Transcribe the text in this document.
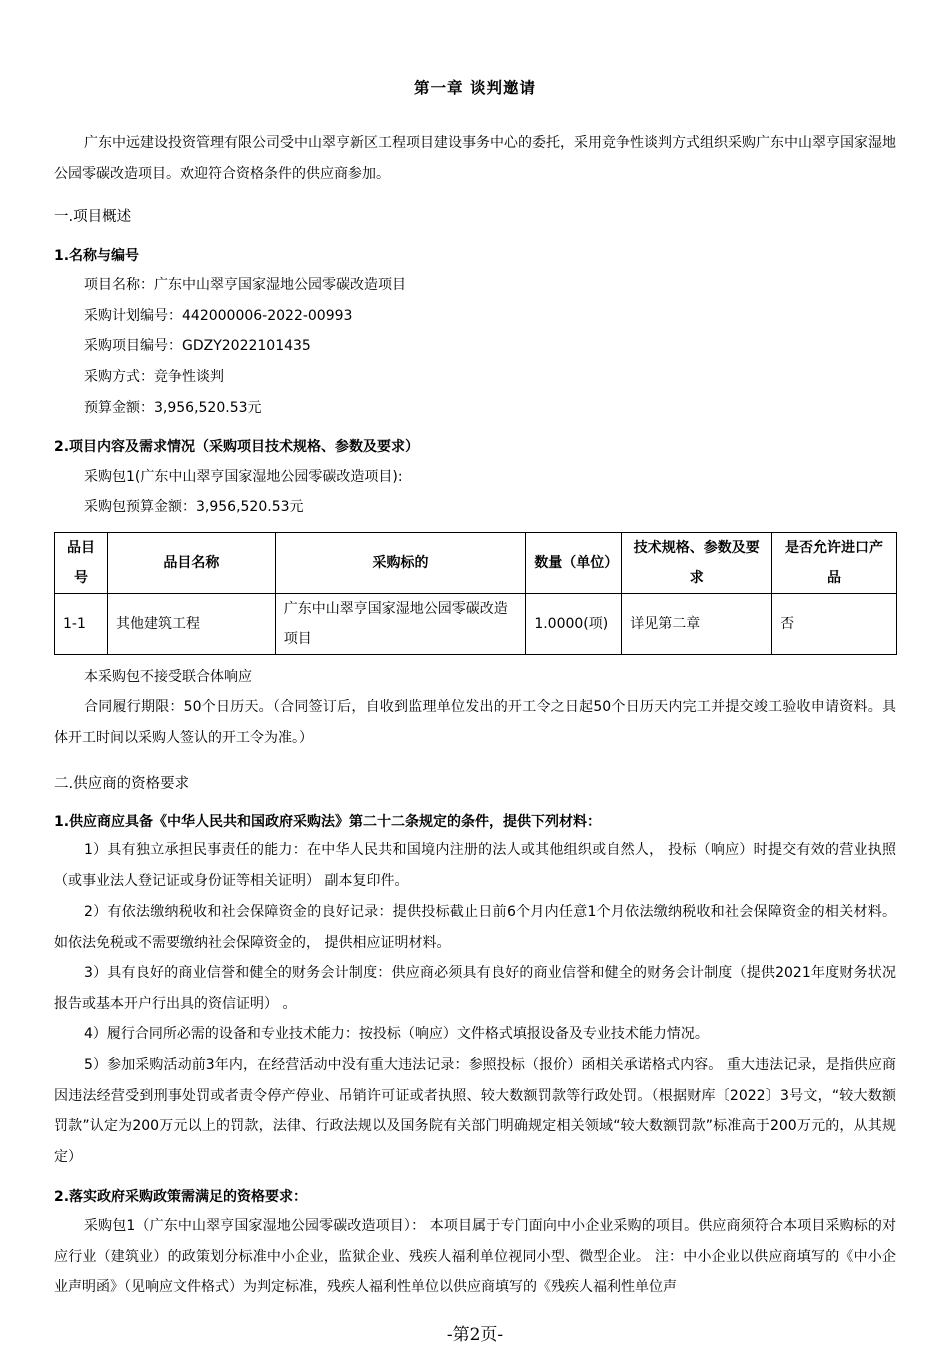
第一章 谈判邀请
广东中远建设投资管理有限公司受中山翠亨新区工程项目建设事务中心的委托，采用竞争性谈判方式组织采购广东中山翠亨国家湿地公园零碳改造项目。欢迎符合资格条件的供应商参加。
一.项目概述
1.名称与编号
项目名称：广东中山翠亨国家湿地公园零碳改造项目
采购计划编号：442000006-2022-00993
采购项目编号：GDZY2022101435
采购方式：竞争性谈判
预算金额：3,956,520.53元
2.项目内容及需求情况（采购项目技术规格、参数及要求）
采购包1(广东中山翠亨国家湿地公园零碳改造项目):
采购包预算金额：3,956,520.53元
品目号	品目名称	采购标的	数量（单位）	技术规格、参数及要求	是否允许进口产品
1-1	其他建筑工程	广东中山翠亨国家湿地公园零碳改造项目	1.0000(项)	详见第二章	否
本采购包不接受联合体响应
合同履行期限：50个日历天。（合同签订后，自收到监理单位发出的开工令之日起50个日历天内完工并提交竣工验收申请资料。具体开工时间以采购人签认的开工令为准。）
二.供应商的资格要求
1.供应商应具备《中华人民共和国政府采购法》第二十二条规定的条件，提供下列材料：
1）具有独立承担民事责任的能力：在中华人民共和国境内注册的法人或其他组织或自然人， 投标（响应）时提交有效的营业执照（或事业法人登记证或身份证等相关证明） 副本复印件。
2）有依法缴纳税收和社会保障资金的良好记录：提供投标截止日前6个月内任意1个月依法缴纳税收和社会保障资金的相关材料。 如依法免税或不需要缴纳社会保障资金的， 提供相应证明材料。
3）具有良好的商业信誉和健全的财务会计制度：供应商必须具有良好的商业信誉和健全的财务会计制度（提供2021年度财务状况报告或基本开户行出具的资信证明） 。
4）履行合同所必需的设备和专业技术能力：按投标（响应）文件格式填报设备及专业技术能力情况。
5）参加采购活动前3年内，在经营活动中没有重大违法记录：参照投标（报价）函相关承诺格式内容。 重大违法记录，是指供应商因违法经营受到刑事处罚或者责令停产停业、吊销许可证或者执照、较大数额罚款等行政处罚。（根据财库〔2022〕3号文，“较大数额罚款”认定为200万元以上的罚款，法律、行政法规以及国务院有关部门明确规定相关领域“较大数额罚款”标准高于200万元的，从其规定）
2.落实政府采购政策需满足的资格要求：
采购包1（广东中山翠亨国家湿地公园零碳改造项目）： 本项目属于专门面向中小企业采购的项目。供应商须符合本项目采购标的对应行业（建筑业）的政策划分标准中小企业，监狱企业、残疾人福利单位视同小型、微型企业。 注：中小企业以供应商填写的《中小企业声明函》（见响应文件格式）为判定标准，残疾人福利性单位以供应商填写的《残疾人福利性单位声
-第2页-
